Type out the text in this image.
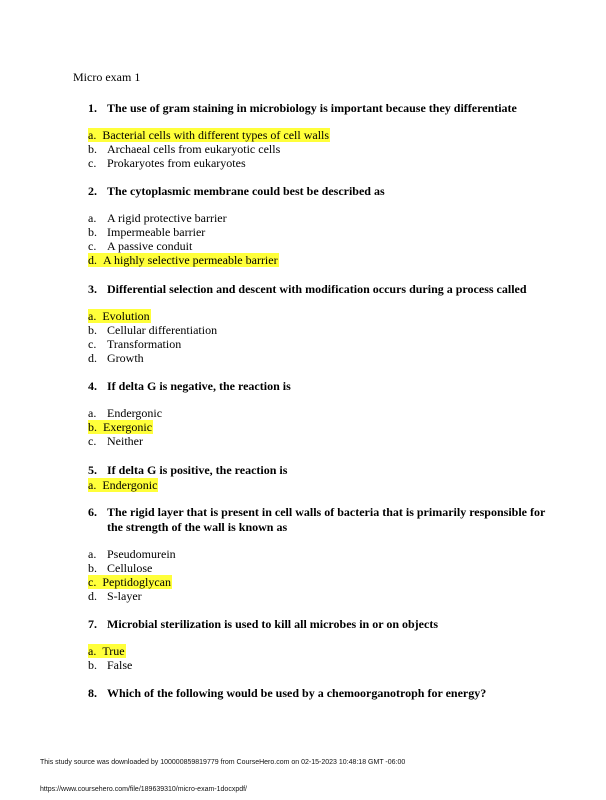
Micro exam 1
1. The use of gram staining in microbiology is important because they differentiate
a. Bacterial cells with different types of cell walls
b. Archaeal cells from eukaryotic cells
c. Prokaryotes from eukaryotes
2. The cytoplasmic membrane could best be described as
a. A rigid protective barrier
b. Impermeable barrier
c. A passive conduit
d. A highly selective permeable barrier
3. Differential selection and descent with modification occurs during a process called
a. Evolution
b. Cellular differentiation
c. Transformation
d. Growth
4. If delta G is negative, the reaction is
a. Endergonic
b. Exergonic
c. Neither
5. If delta G is positive, the reaction is
a. Endergonic
6. The rigid layer that is present in cell walls of bacteria that is primarily responsible for the strength of the wall is known as
a. Pseudomurein
b. Cellulose
c. Peptidoglycan
d. S-layer
7. Microbial sterilization is used to kill all microbes in or on objects
a. True
b. False
8. Which of the following would be used by a chemoorganotroph for energy?
This study source was downloaded by 100000859819779 from CourseHero.com on 02-15-2023 10:48:18 GMT -06:00
https://www.coursehero.com/file/189639310/micro-exam-1docxpdf/
